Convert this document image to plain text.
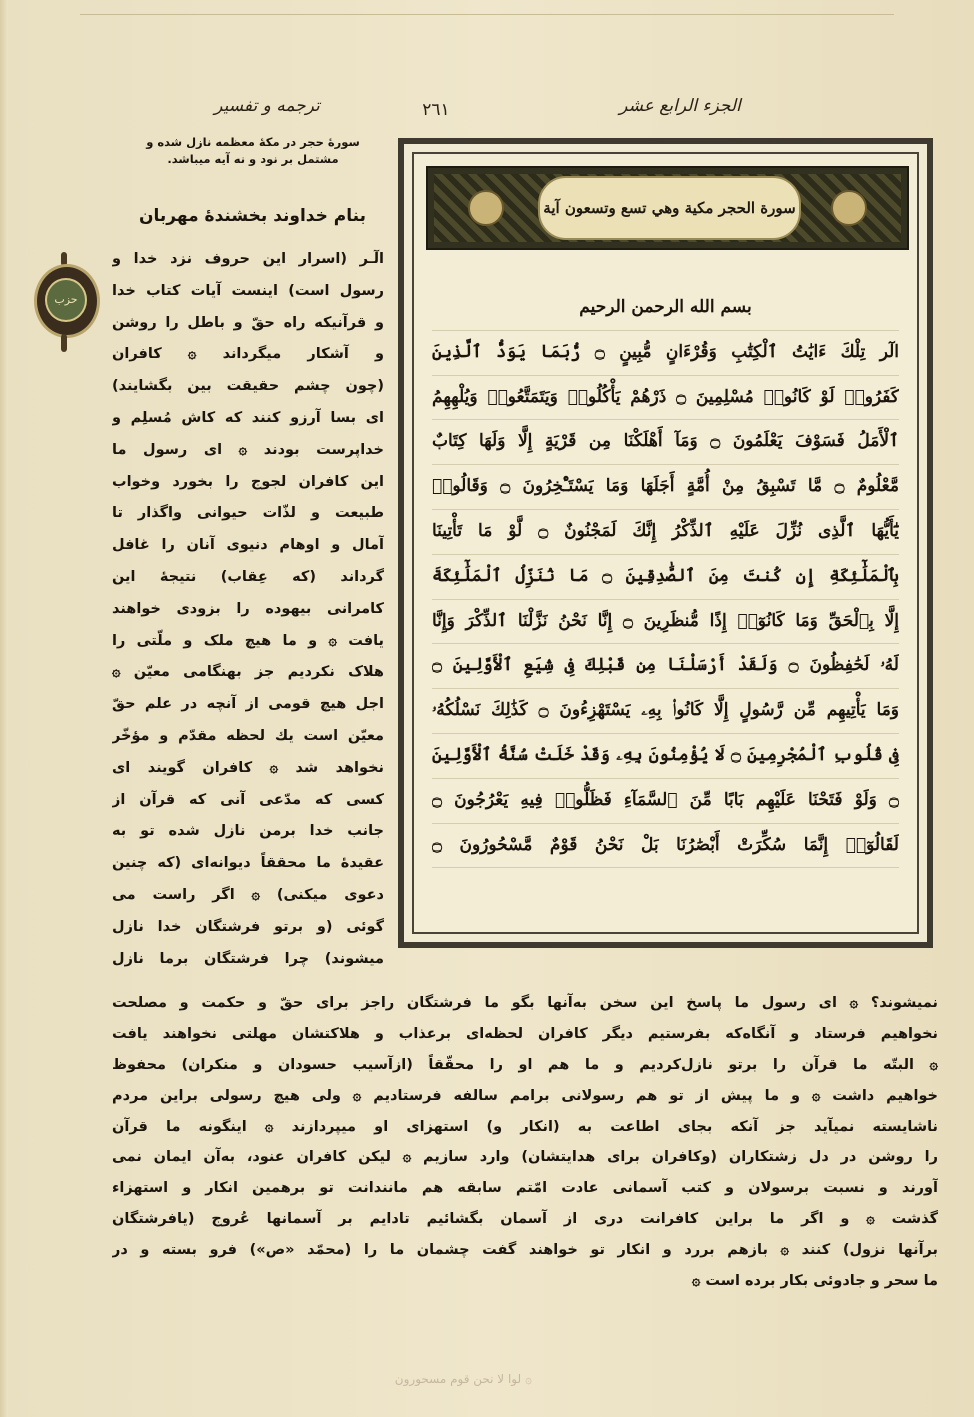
ترجمه و تفسیر	٢٦١	الجزء الرابع عشر
سورهٔ حجر در مکهٔ معظمه نازل شده و مشتمل بر نود و نه آیه میباشد.
بنام خداوند بخشندهٔ مهربان
حزب
الٓـر (اسرار این حروف نزد خدا و
رسول است) اینست آیات کتاب خدا
و قرآنیکه راه حقّ و باطل را روشن
و آشکار میگرداند ۞ کافران
(چون چشم حقیقت بین بگشایند)
ای بسا آرزو کنند که کاش مُسلِم و
خداپرست بودند ۞ ای رسول ما
این کافران لجوج را بخورد وخواب
طبیعت و لذّات حیوانی واگذار تا
آمال و اوهام دنیوی آنان را غافل
گرداند (که عِقاب) نتیجهٔ این
کامرانی بیهوده را بزودی خواهند
یافت ۞ و ما هیچ ملک و ملّتی را
هلاک نکردیم جز بهنگامی معیّن ۞
اجل هیچ قومی از آنچه در علم حقّ
معیّن است یك لحظه مقدّم و مؤخّر
نخواهد شد ۞ کافران گویند ای
کسی که مدّعی آنی که قرآن از
جانب خدا برمن نازل شده تو به
عقیدهٔ ما محققاً دیوانه‌ای (که چنین
دعوی میکنی) ۞ اگر راست می‌
گوئی (و برتو فرشتگان خدا نازل
میشوند) چرا فرشتگان برما نازل
سورة الحجر مكية وهي تسع وتسعون آية
بسم الله الرحمن الرحيم
الٓر تِلْكَ ءَايَٰتُ ٱلْكِتَٰبِ وَقُرْءَانٍ مُّبِينٍ ۝ رُّبَمَا يَوَدُّ ٱلَّذِينَ
كَفَرُوا۟ لَوْ كَانُوا۟ مُسْلِمِينَ ۝ ذَرْهُمْ يَأْكُلُوا۟ وَيَتَمَتَّعُوا۟ وَيُلْهِهِمُ
ٱلْأَمَلُ فَسَوْفَ يَعْلَمُونَ ۝ وَمَآ أَهْلَكْنَا مِن قَرْيَةٍ إِلَّا وَلَهَا كِتَابٌ
مَّعْلُومٌ ۝ مَّا تَسْبِقُ مِنْ أُمَّةٍ أَجَلَهَا وَمَا يَسْتَـْٔخِرُونَ ۝ وَقَالُوا۟
يَٰٓأَيُّهَا ٱلَّذِى نُزِّلَ عَلَيْهِ ٱلذِّكْرُ إِنَّكَ لَمَجْنُونٌ ۝ لَّوْ مَا تَأْتِينَا
بِٱلْمَلَٰٓئِكَةِ إِن كُنتَ مِنَ ٱلصَّٰدِقِينَ ۝ مَا نُنَزِّلُ ٱلْمَلَٰٓئِكَةَ
إِلَّا بِٱلْحَقِّ وَمَا كَانُوٓا۟ إِذًا مُّنظَرِينَ ۝ إِنَّا نَحْنُ نَزَّلْنَا ٱلذِّكْرَ وَإِنَّا
لَهُۥ لَحَٰفِظُونَ ۝ وَلَقَدْ أَرْسَلْنَا مِن قَبْلِكَ فِى شِيَعِ ٱلْأَوَّلِينَ ۝
وَمَا يَأْتِيهِم مِّن رَّسُولٍ إِلَّا كَانُوا۟ بِهِۦ يَسْتَهْزِءُونَ ۝ كَذَٰلِكَ نَسْلُكُهُۥ
فِى قُلُوبِ ٱلْمُجْرِمِينَ ۝ لَا يُؤْمِنُونَ بِهِۦ وَقَدْ خَلَتْ سُنَّةُ ٱلْأَوَّلِينَ
۝ وَلَوْ فَتَحْنَا عَلَيْهِم بَابًا مِّنَ ٱلسَّمَآءِ فَظَلُّوا۟ فِيهِ يَعْرُجُونَ ۝
لَقَالُوٓا۟ إِنَّمَا سُكِّرَتْ أَبْصَٰرُنَا بَلْ نَحْنُ قَوْمٌ مَّسْحُورُونَ ۝
نمیشوند؟ ۞ ای رسول ما پاسخ این سخن به‌آنها بگو ما فرشتگان راجز برای حقّ و حکمت و مصلحت
نخواهیم فرستاد و آنگاه‌که بفرستیم دیگر کافران لحظه‌ای برعذاب و هلاکتشان مهلتی نخواهند یافت
۞ البتّه ما قرآن را برتو نازل‌کردیم و ما هم او را محقّقاً (ازآسیب حسودان و منکران) محفوظ
خواهیم داشت ۞ و ما پیش از تو هم رسولانی برامم سالفه فرستادیم ۞ ولی هیچ رسولی براین مردم
ناشایسته نمیآید جز آنکه بجای اطاعت به (انکار و) استهزای او میپردازند ۞ اینگونه ما قرآن
را روشن در دل زشتکاران (وکافران برای هدایتشان) وارد سازیم ۞ لیکن کافران عنود، به‌آن ایمان نمی‌
آورند و نسبت برسولان و کتب آسمانی عادت امّتم سابقه هم مانندانت تو برهمین انکار و استهزاء
گذشت ۞ و اگر ما براین کافرانت دری از آسمان بگشائیم تادایم بر آسمانها عُروج (یافرشتگان
برآنها نزول) کنند ۞ بازهم بررد و انکار تو خواهند گفت چشمان ما را (محمّد «ص») فرو بسته و در
ما سحر و جادوئی بکار برده است ۞
۞ لوا لا نحن قوم مسحورون
